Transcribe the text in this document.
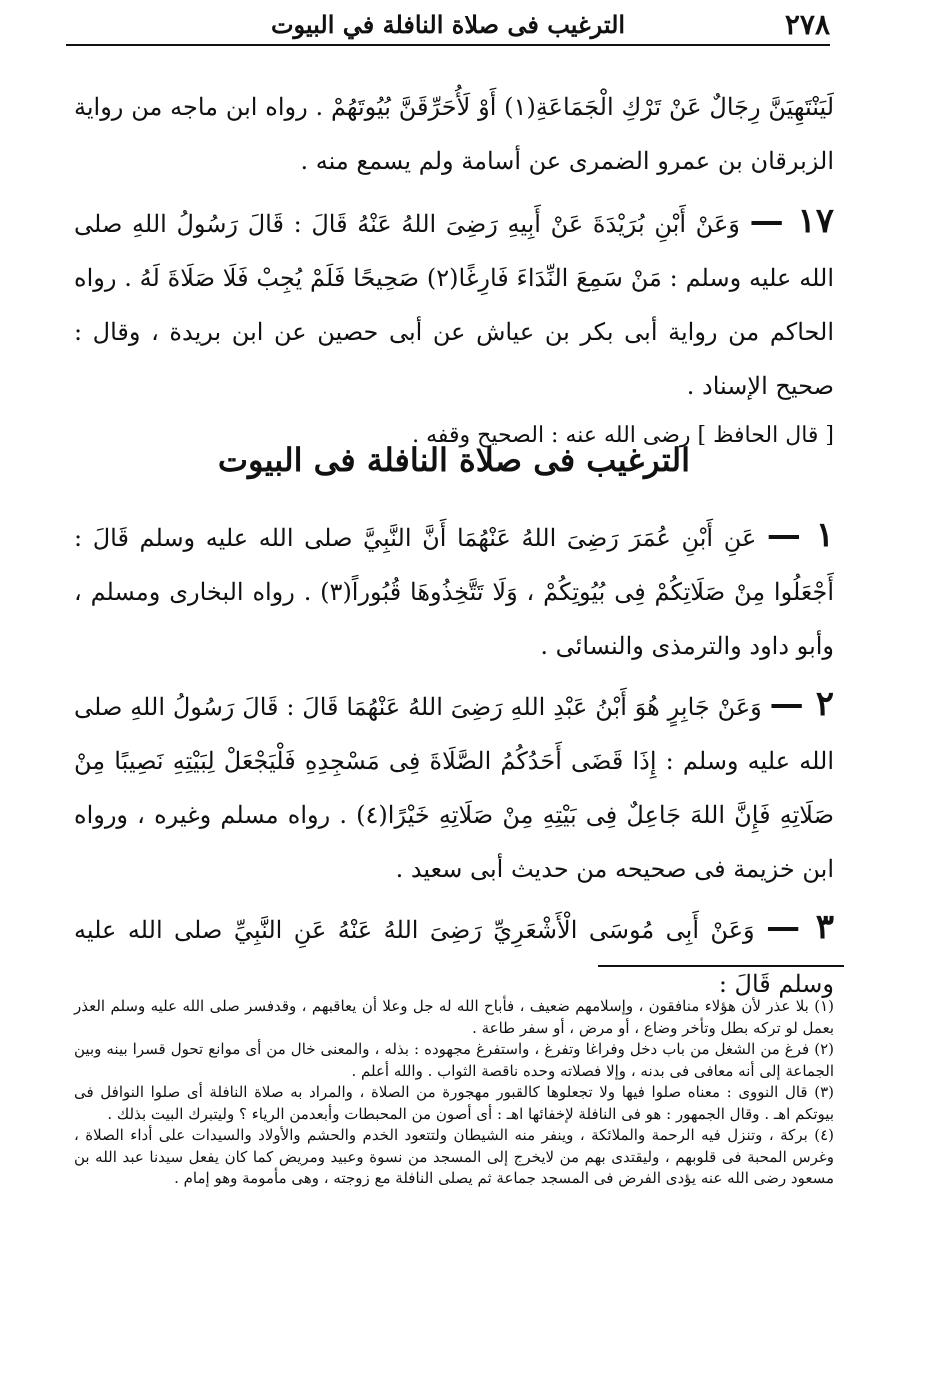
٢٧٨
الترغيب فى صلاة النافلة في البيوت

لَيَنْتَهِيَنَّ رِجَالٌ عَنْ تَرْكِ الْجَمَاعَةِ(١) أَوْ لَأُحَرِّقَنَّ بُيُوتَهُمْ . رواه ابن ماجه من رواية الزبرقان بن عمرو الضمرى عن أسامة ولم يسمع منه .

١٧ — وَعَنْ أَبْنِ بُرَيْدَةَ عَنْ أَبِيهِ رَضِىَ اللهُ عَنْهُ قَالَ : قَالَ رَسُولُ اللهِ صلى الله عليه وسلم : مَنْ سَمِعَ النِّدَاءَ فَارِغًا(٢) صَحِيحًا فَلَمْ يُجِبْ فَلَا صَلَاةَ لَهُ . رواه الحاكم من رواية أبى بكر بن عياش عن أبى حصين عن ابن بريدة ، وقال : صحيح الإسناد .

[ قال الحافظ ] رضى الله عنه : الصحيح وقفه .

الترغيب فى صلاة النافلة فى البيوت

١ — عَنِ أَبْنِ عُمَرَ رَضِىَ اللهُ عَنْهُمَا أَنَّ النَّبِيَّ صلى الله عليه وسلم قَالَ : أَجْعَلُوا مِنْ صَلَاتِكُمْ فِى بُيُوتِكُمْ ، وَلَا تَتَّخِذُوهَا قُبُوراً(٣) . رواه البخارى ومسلم ، وأبو داود والترمذى والنسائى .

٢ — وَعَنْ جَابِرٍ هُوَ أَبْنُ عَبْدِ اللهِ رَضِىَ اللهُ عَنْهُمَا قَالَ : قَالَ رَسُولُ اللهِ صلى الله عليه وسلم : إِذَا قَضَى أَحَدُكُمُ الصَّلَاةَ فِى مَسْجِدِهِ فَلْيَجْعَلْ لِبَيْتِهِ نَصِيبًا مِنْ صَلَاتِهِ فَإِنَّ اللهَ جَاعِلٌ فِى بَيْتِهِ مِنْ صَلَاتِهِ خَيْرًا(٤) . رواه مسلم وغيره ، ورواه ابن خزيمة فى صحيحه من حديث أبى سعيد .

٣ — وَعَنْ أَبِى مُوسَى الْأَشْعَرِيِّ رَضِىَ اللهُ عَنْهُ عَنِ النَّبِيِّ صلى الله عليه وسلم قَالَ :

(١) بلا عذر لأن هؤلاء منافقون ، وإسلامهم ضعيف ، فأباح الله له جل وعلا أن يعاقبهم ، وقدفسر صلى الله عليه وسلم العذر بعمل لو تركه بطل وتأخر وضاع ، أو مرض ، أو سفر طاعة .

(٢) فرغ من الشغل من باب دخل وفراغا وتفرغ ، واستفرغ مجهوده : بذله ، والمعنى خال من أى موانع تحول قسرا بينه وبين الجماعة إلى أنه معافى فى بدنه ، وإلا فصلاته وحده ناقصة الثواب . والله أعلم .

(٣) قال النووى : معناه صلوا فيها ولا تجعلوها كالقبور مهجورة من الصلاة ، والمراد به صلاة النافلة أى صلوا النوافل فى بيوتكم اهـ . وقال الجمهور : هو فى النافلة لإخفائها اهـ : أى أصون من المحبطات وأبعدمن الرياء ؟ وليتبرك البيت بذلك .

(٤) بركة ، وتنزل فيه الرحمة والملائكة ، وينفر منه الشيطان ولتتعود الخدم والحشم والأولاد والسيدات على أداء الصلاة ، وغرس المحبة فى قلوبهم ، وليقتدى بهم من لايخرج إلى المسجد من نسوة وعبيد ومريض كما كان يفعل سيدنا عبد الله بن مسعود رضى الله عنه يؤدى الفرض فى المسجد جماعة ثم يصلى النافلة مع زوجته ، وهى مأمومة وهو إمام .
